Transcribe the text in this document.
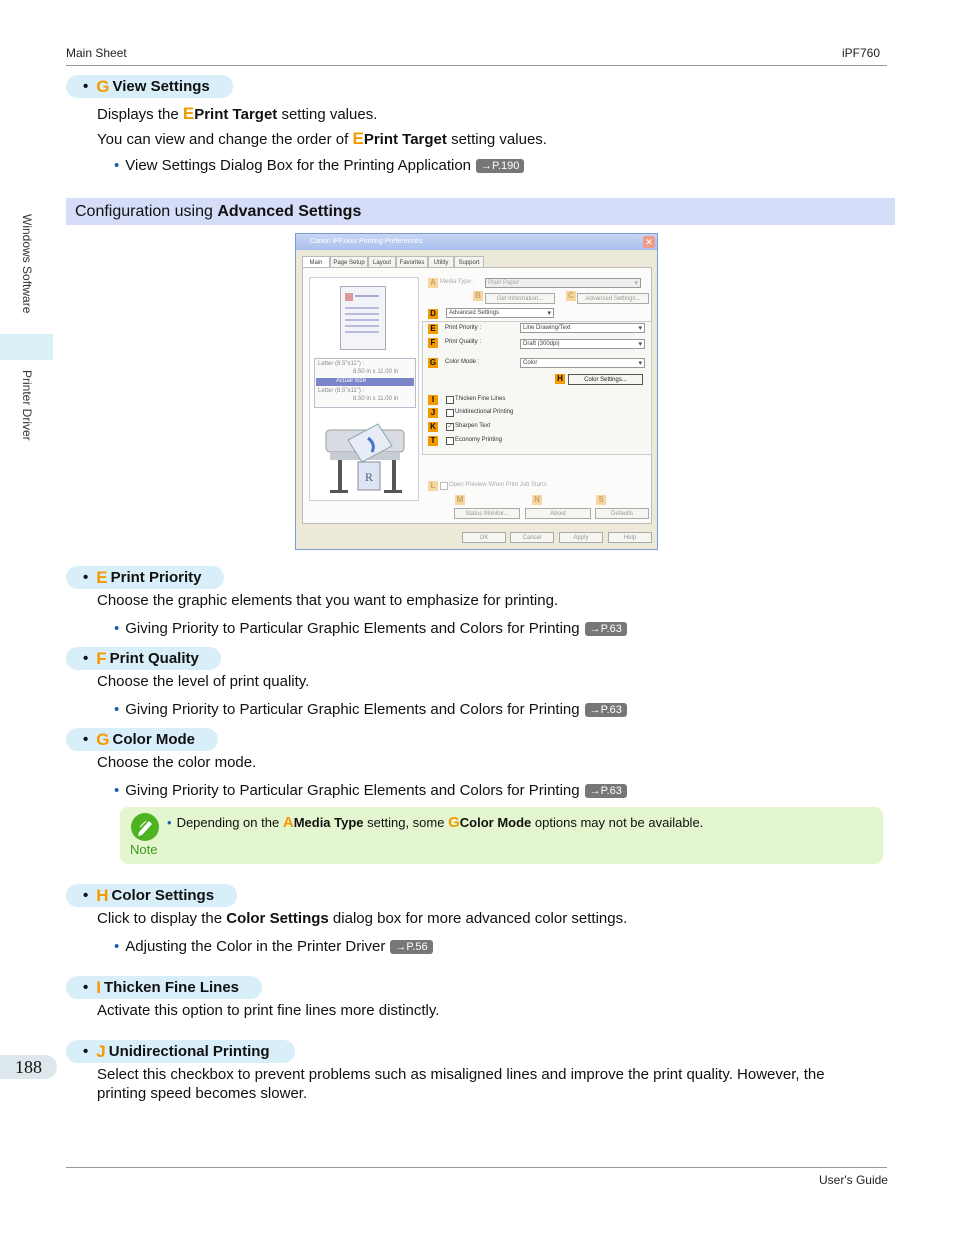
Main Sheet	iPF760
User's Guide
Windows Software
Printer Driver
188
• G View Settings
Displays the EPrint Target setting values.
You can view and change the order of EPrint Target setting values.
• View Settings Dialog Box for the Printing Application →P.190
Configuration using Advanced Settings
Canon iPFxxxx Printing Preferences	✕
Main	Page Setup	Layout	Favorites	Utility	Support
Letter (8.5"x11") :
8.50 in x 11.00 in
Actual Size
Letter (8.5"x11") :
8.50 in x 11.00 in
R
A Media Type :	Plain Paper ▾
B	Get Information...	C	Advanced Settings...
D	Advanced Settings ▾
E	Print Priority :	Line Drawing/Text ▾
F	Print Quality :	Draft (300dpi) ▾
G	Color Mode :	Color ▾
H	Color Settings...
I	Thicken Fine Lines
J	Unidirectional Printing
K	✓ Sharpen Text
T	Economy Printing
L	Open Preview When Print Job Starts
M	N	S
Status Monitor...	About	Defaults
OK	Cancel	Apply	Help
• E Print Priority
Choose the graphic elements that you want to emphasize for printing.
• Giving Priority to Particular Graphic Elements and Colors for Printing →P.63
• F Print Quality
Choose the level of print quality.
• Giving Priority to Particular Graphic Elements and Colors for Printing →P.63
• G Color Mode
Choose the color mode.
• Giving Priority to Particular Graphic Elements and Colors for Printing →P.63
Note
• Depending on the AMedia Type setting, some GColor Mode options may not be available.
• H Color Settings
Click to display the Color Settings dialog box for more advanced color settings.
• Adjusting the Color in the Printer Driver →P.56
• I Thicken Fine Lines
Activate this option to print fine lines more distinctly.
• J Unidirectional Printing
Select this checkbox to prevent problems such as misaligned lines and improve the print quality. However, the
printing speed becomes slower.
